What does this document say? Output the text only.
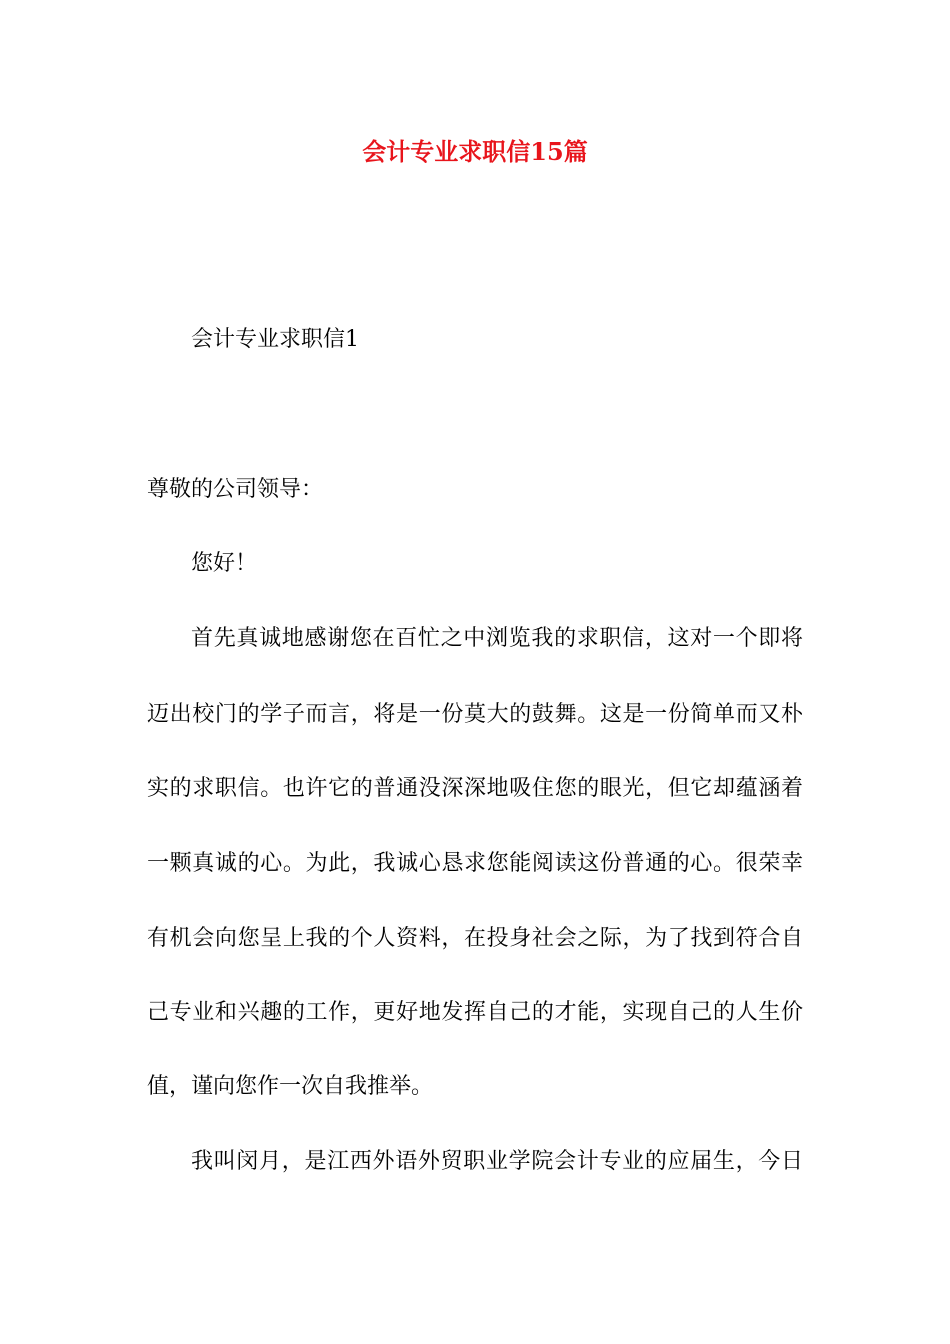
会计专业求职信15篇

会计专业求职信1

尊敬的公司领导：

您好！

首先真诚地感谢您在百忙之中浏览我的求职信，这对一个即将

迈出校门的学子而言，将是一份莫大的鼓舞。这是一份简单而又朴

实的求职信。也许它的普通没深深地吸住您的眼光，但它却蕴涵着

一颗真诚的心。为此，我诚心恳求您能阅读这份普通的心。很荣幸

有机会向您呈上我的个人资料，在投身社会之际，为了找到符合自

己专业和兴趣的工作，更好地发挥自己的才能，实现自己的人生价

值，谨向您作一次自我推举。

我叫闵月，是江西外语外贸职业学院会计专业的应届生，今日
